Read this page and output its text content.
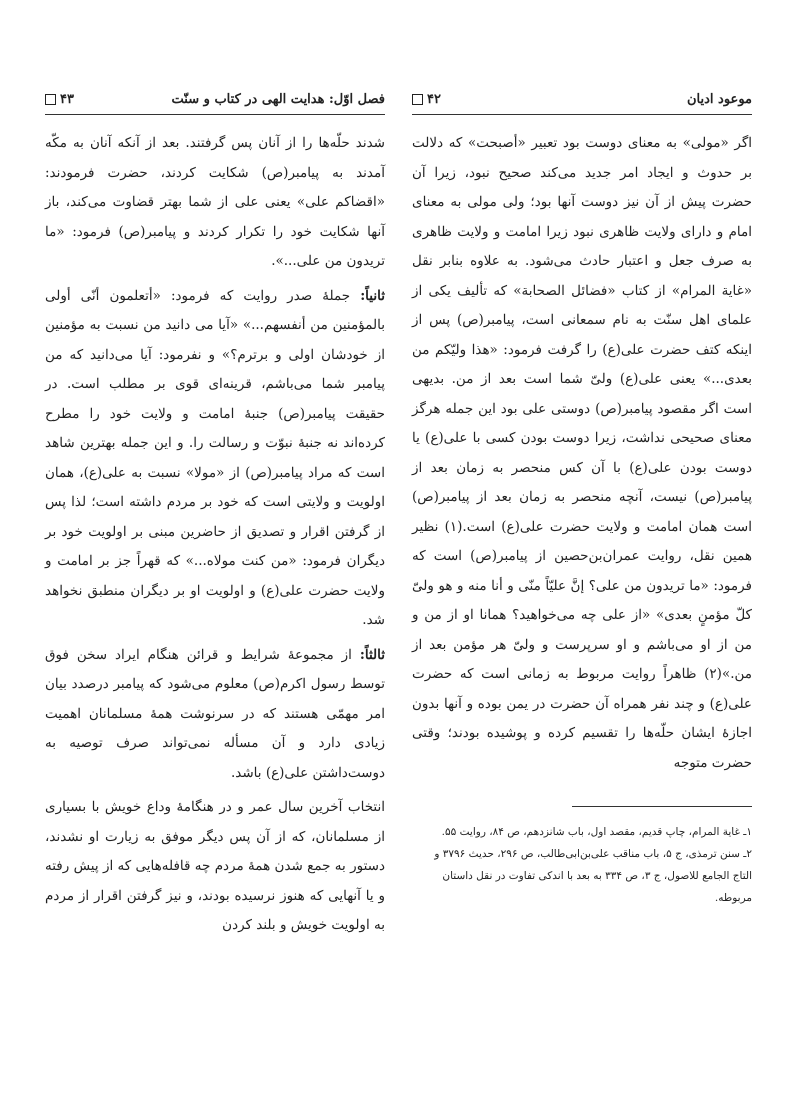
فصل اوّل: هدایت الهی در کتاب و سنّت
۴۳

شدند حلّه‌ها را از آنان پس گرفتند. بعد از آنکه آنان به مکّه آمدند به پیامبر(ص) شکایت کردند، حضرت فرمودند: «اقضاکم علی» یعنی علی از شما بهتر قضاوت می‌کند، باز آنها شکایت خود را تکرار کردند و پیامبر(ص) فرمود: «ما تریدون من علی...».

ثانیاً: جملهٔ صدر روایت که فرمود: «أتعلمون أنّی أولی بالمؤمنین من أنفسهم...» «آیا می دانید من نسبت به مؤمنین از خودشان اولی و برترم؟» و نفرمود: آیا می‌دانید که من پیامبر شما می‌باشم، قرینه‌ای قوی بر مطلب است. در حقیقت پیامبر(ص) جنبهٔ امامت و ولایت خود را مطرح کرده‌اند نه جنبهٔ نبوّت و رسالت را. و این جمله بهترین شاهد است که مراد پیامبر(ص) از «مولا» نسبت به علی(ع)، همان اولویت و ولایتی است که خود بر مردم داشته است؛ لذا پس از گرفتن اقرار و تصدیق از حاضرین مبنی بر اولویت خود بر دیگران فرمود: «من کنت مولاه...» که قهراً جز بر امامت و ولایت حضرت علی(ع) و اولویت او بر دیگران منطبق نخواهد شد.

ثالثاً: از مجموعهٔ شرایط و قرائن هنگام ایراد سخن فوق توسط رسول اکرم(ص) معلوم می‌شود که پیامبر درصدد بیان امر مهمّی هستند که در سرنوشت همهٔ مسلمانان اهمیت زیادی دارد و آن مسأله نمی‌تواند صرف توصیه به دوست‌داشتن علی(ع) باشد.

انتخاب آخرین سال عمر و در هنگامهٔ وداع خویش با بسیاری از مسلمانان، که از آن پس دیگر موفق به زیارت او نشدند، دستور به جمع شدن همهٔ مردم چه قافله‌هایی که از پیش رفته و یا آنهایی که هنوز نرسیده بودند، و نیز گرفتن اقرار از مردم به اولویت خویش و بلند کردن

موعود ادیان
۴۲

اگر «مولی» به معنای دوست بود تعبیر «أصبحت» که دلالت بر حدوث و ایجاد امر جدید می‌کند صحیح نبود، زیرا آن حضرت پیش از آن نیز دوست آنها بود؛ ولی مولی به معنای امام و دارای ولایت ظاهری نبود زیرا امامت و ولایت ظاهری به صرف جعل و اعتبار حادث می‌شود. به علاوه بنابر نقل «غایة المرام» از کتاب «فضائل الصحابة» که تألیف یکی از علمای اهل سنّت به نام سمعانی است، پیامبر(ص) پس از اینکه کتف حضرت علی(ع) را گرفت فرمود: «هذا ولیّکم من بعدی...» یعنی علی(ع) ولیّ شما است بعد از من. بدیهی است اگر مقصود پیامبر(ص) دوستی علی بود این جمله هرگز معنای صحیحی نداشت، زیرا دوست بودن کسی با علی(ع) یا دوست بودن علی(ع) با آن کس منحصر به زمان بعد از پیامبر(ص) نیست، آنچه منحصر به زمان بعد از پیامبر(ص) است همان امامت و ولایت حضرت علی(ع) است.(۱) نظیر همین نقل، روایت عمران‌بن‌حصین از پیامبر(ص) است که فرمود: «ما تریدون من علی؟ إنَّ علیّاً منّی و أنا منه و هو ولیّ کلّ مؤمنٍ بعدی» «از علی چه می‌خواهید؟ همانا او از من و من از او می‌باشم و او سرپرست و ولیّ هر مؤمن بعد از من.»(۲) ظاهراً روایت مربوط به زمانی است که حضرت علی(ع) و چند نفر همراه آن حضرت در یمن بوده و آنها بدون اجازهٔ ایشان حلّه‌ها را تقسیم کرده و پوشیده بودند؛ وقتی حضرت متوجه

۱ـ غایة المرام، چاپ قدیم، مقصد اول، باب شانزدهم، ص ۸۴، روایت ۵۵.

۲ـ سنن ترمذی، ج ۵، باب مناقب علی‌بن‌ابی‌طالب، ص ۲۹۶، حدیث ۳۷۹۶ و التاج الجامع للاصول، ج ۳، ص ۳۳۴ به بعد با اندکی تفاوت در نقل داستان مربوطه.
